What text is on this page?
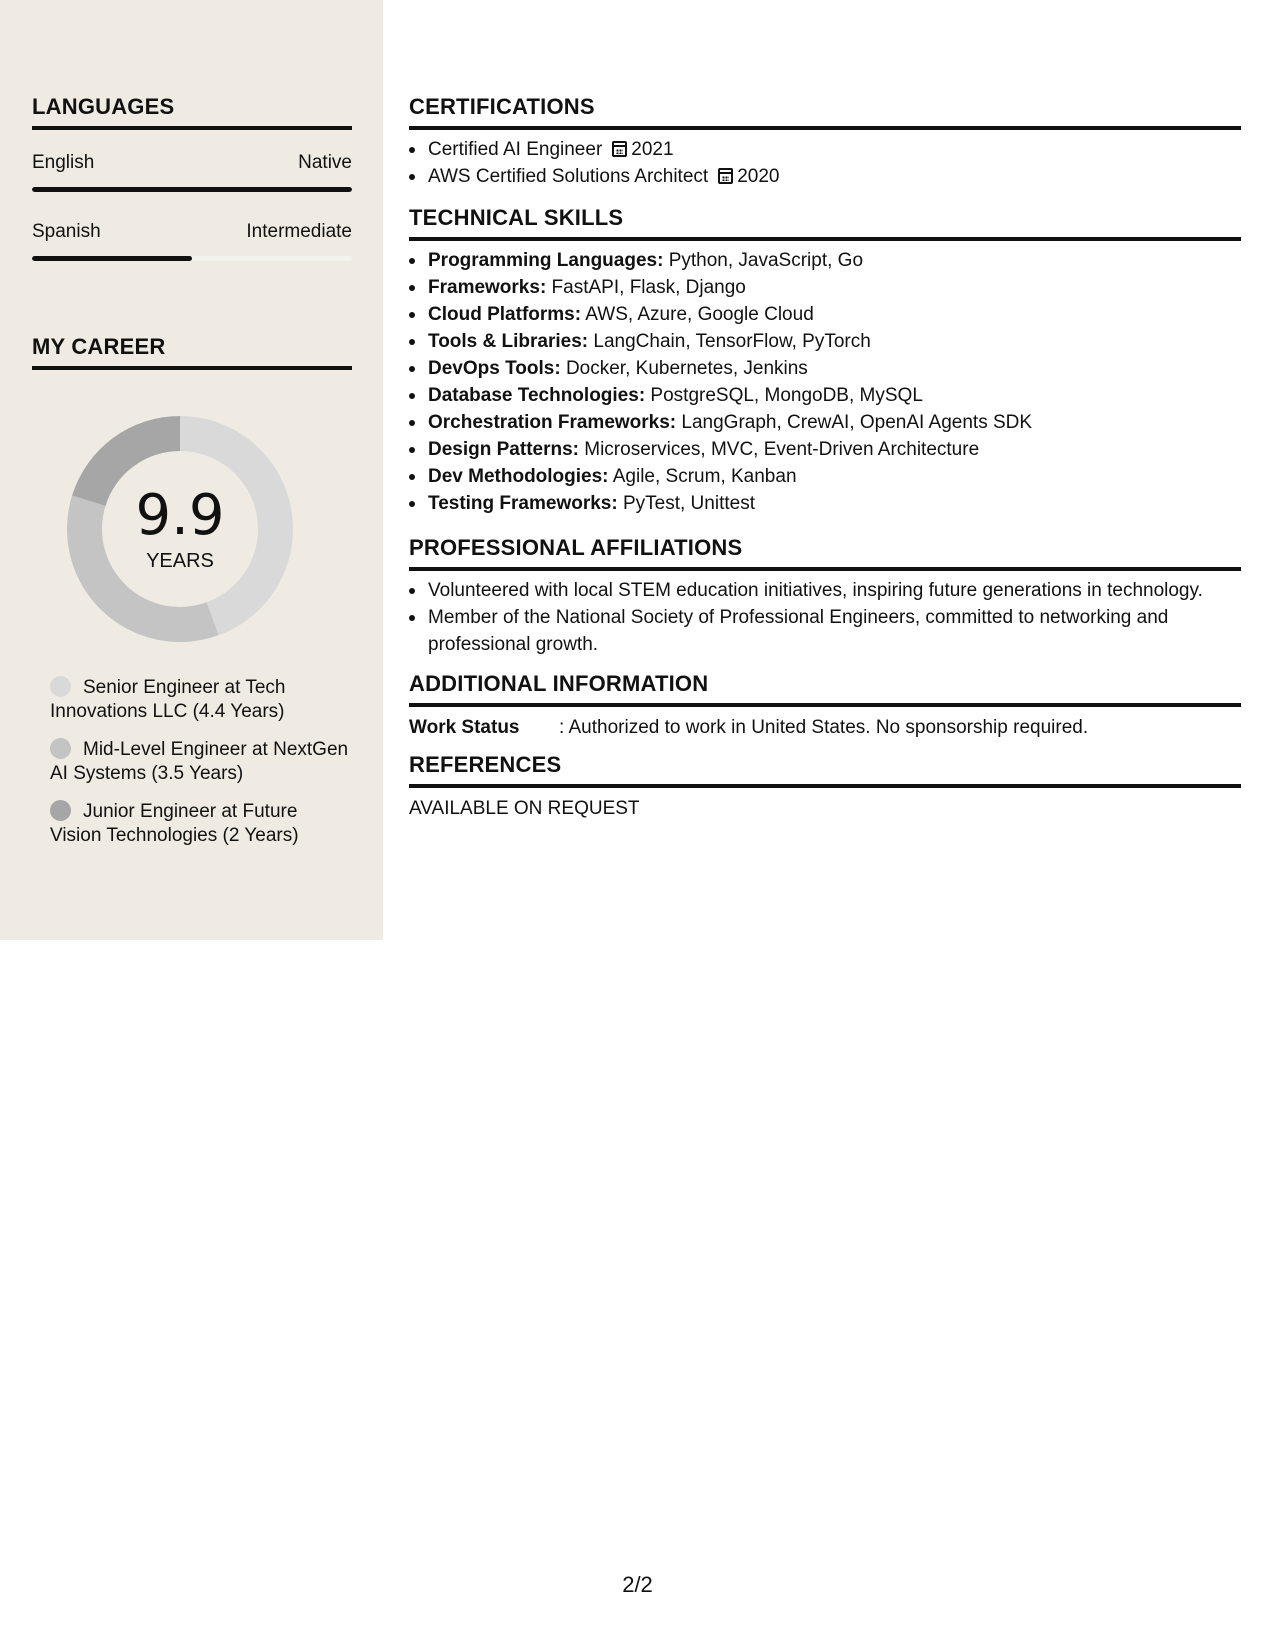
LANGUAGES
English	Native
Spanish	Intermediate
MY CAREER
9.9
YEARS
Senior Engineer at Tech Innovations LLC (4.4 Years)
Mid-Level Engineer at NextGen AI Systems (3.5 Years)
Junior Engineer at Future Vision Technologies (2 Years)
CERTIFICATIONS
Certified AI Engineer 2021
AWS Certified Solutions Architect 2020
TECHNICAL SKILLS
Programming Languages: Python, JavaScript, Go
Frameworks: FastAPI, Flask, Django
Cloud Platforms: AWS, Azure, Google Cloud
Tools & Libraries: LangChain, TensorFlow, PyTorch
DevOps Tools: Docker, Kubernetes, Jenkins
Database Technologies: PostgreSQL, MongoDB, MySQL
Orchestration Frameworks: LangGraph, CrewAI, OpenAI Agents SDK
Design Patterns: Microservices, MVC, Event-Driven Architecture
Dev Methodologies: Agile, Scrum, Kanban
Testing Frameworks: PyTest, Unittest
PROFESSIONAL AFFILIATIONS
Volunteered with local STEM education initiatives, inspiring future generations in technology.
Member of the National Society of Professional Engineers, committed to networking and professional growth.
ADDITIONAL INFORMATION
Work Status	: Authorized to work in United States. No sponsorship required.
REFERENCES
AVAILABLE ON REQUEST
2/2
